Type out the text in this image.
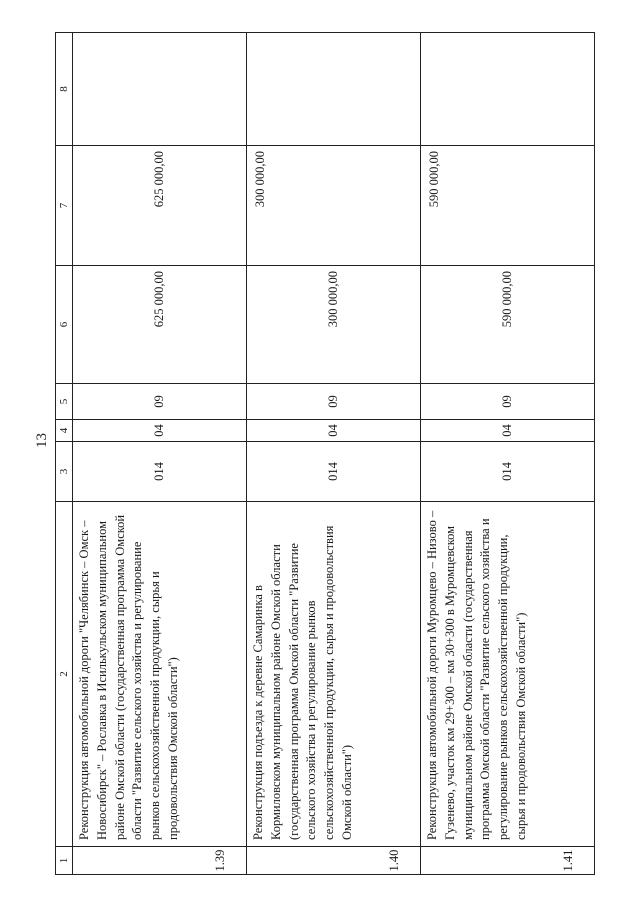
13
1	2	3	4	5	6	7	8
1.39	Реконструкция автомобильной дороги "Челябинск – Омск – Новосибирск" – Рославка в Исилькульском муниципальном районе Омской области (государственная программа Омской области "Развитие сельского хозяйства и регулирование рынков сельскохозяйственной продукции, сырья и продовольствия Омской области")	014	04	09	625 000,00	625 000,00	
1.40	Реконструкция подъезда к деревне Самаринка в Кормиловском муниципальном районе Омской области (государственная программа Омской области "Развитие сельского хозяйства и регулирование рынков сельскохозяйственной продукции, сырья и продовольствия Омской области")	014	04	09	300 000,00	300 000,00	
1.41	Реконструкция автомобильной дороги Муромцево – Низово – Гузенево, участок км 29+300 – км 30+300 в Муромцевском муниципальном районе Омской области (государственная программа Омской области "Развитие сельского хозяйства и регулирование рынков сельскохозяйственной продукции, сырья и продовольствия Омской области")	014	04	09	590 000,00	590 000,00	
